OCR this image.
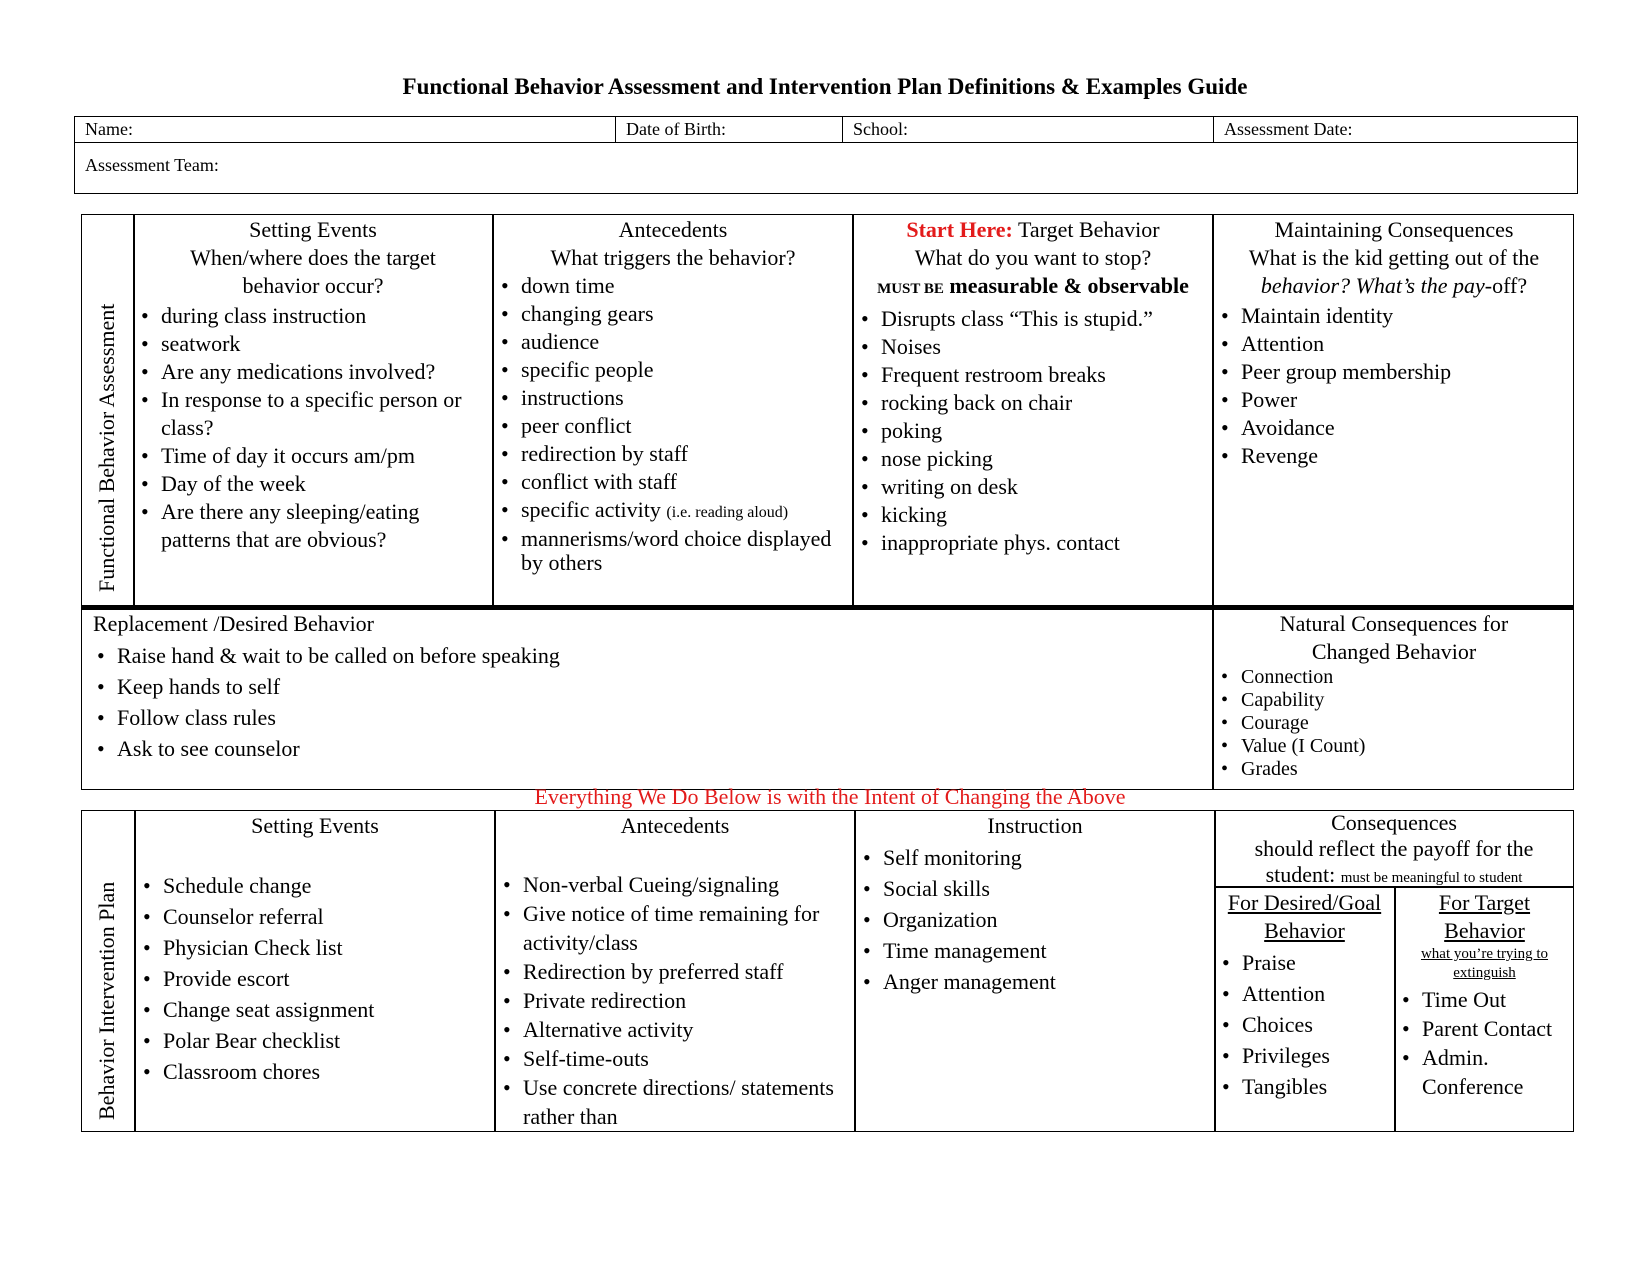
Functional Behavior Assessment and Intervention Plan Definitions & Examples Guide
Name:	Date of Birth:	School:	Assessment Date:
Assessment Team:
Functional Behavior Assessment
Setting Events
When/where does the target
behavior occur?
• during class instruction
• seatwork
• Are any medications involved?
• In response to a specific person or class?
• Time of day it occurs am/pm
• Day of the week
• Are there any sleeping/eating patterns that are obvious?
Antecedents
What triggers the behavior?
• down time
• changing gears
• audience
• specific people
• instructions
• peer conflict
• redirection by staff
• conflict with staff
• specific activity (i.e. reading aloud)
• mannerisms/word choice displayed by others
Start Here: Target Behavior
What do you want to stop?
MUST BE measurable & observable
• Disrupts class “This is stupid.”
• Noises
• Frequent restroom breaks
• rocking back on chair
• poking
• nose picking
• writing on desk
• kicking
• inappropriate phys. contact
Maintaining Consequences
What is the kid getting out of the
behavior? What’s the pay-off?
• Maintain identity
• Attention
• Peer group membership
• Power
• Avoidance
• Revenge
Replacement /Desired Behavior
• Raise hand & wait to be called on before speaking
• Keep hands to self
• Follow class rules
• Ask to see counselor
Natural Consequences for
Changed Behavior
• Connection
• Capability
• Courage
• Value (I Count)
• Grades
Everything We Do Below is with the Intent of Changing the Above
Behavior Intervention Plan
Setting Events
• Schedule change
• Counselor referral
• Physician Check list
• Provide escort
• Change seat assignment
• Polar Bear checklist
• Classroom chores
Antecedents
• Non-verbal Cueing/signaling
• Give notice of time remaining for activity/class
• Redirection by preferred staff
• Private redirection
• Alternative activity
• Self-time-outs
• Use concrete directions/ statements rather than
Instruction
• Self monitoring
• Social skills
• Organization
• Time management
• Anger management
Consequences
should reflect the payoff for the
student: must be meaningful to student
For Desired/Goal Behavior
• Praise
• Attention
• Choices
• Privileges
• Tangibles
For Target Behavior
what you’re trying to extinguish
• Time Out
• Parent Contact
• Admin. Conference
